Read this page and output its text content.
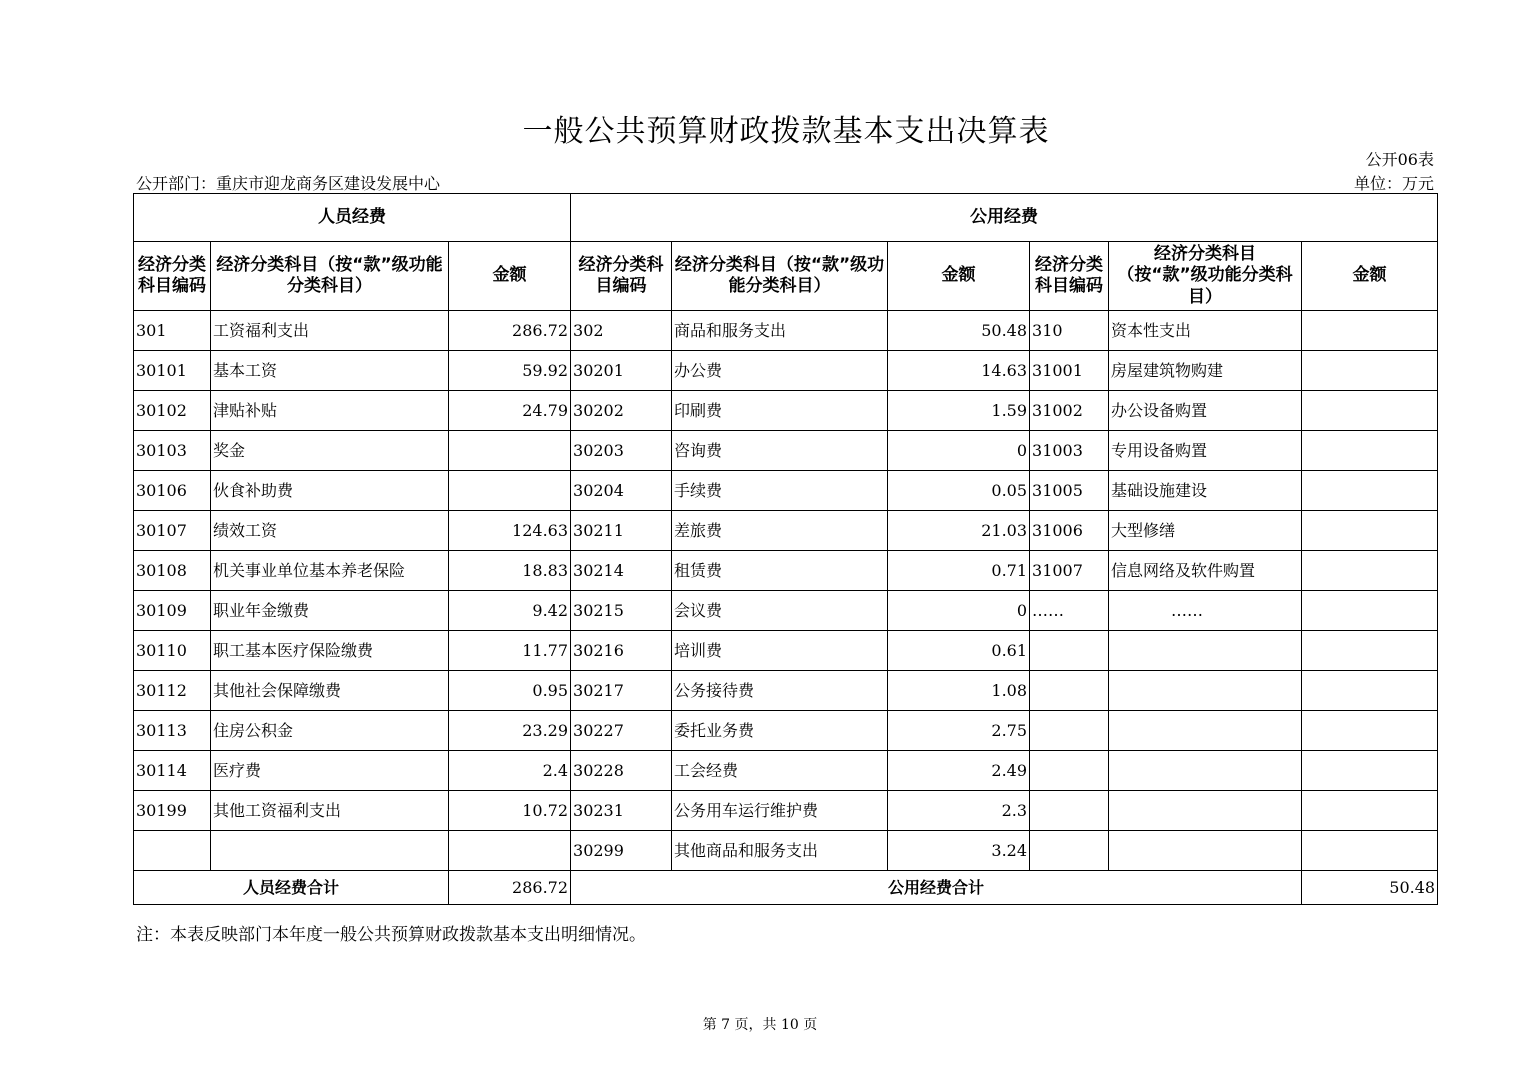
一般公共预算财政拨款基本支出决算表
公开06表
公开部门：重庆市迎龙商务区建设发展中心	单位：万元
人员经费			公用经费					
经济分类科目编码	经济分类科目（按“款”级功能分类科目）	金额	经济分类科目编码	经济分类科目（按“款”级功能分类科目）	金额	经济分类科目编码	经济分类科目（按“款”级功能分类科目）	金额
301	工资福利支出	286.72	302	商品和服务支出	50.48	310	资本性支出	
30101	基本工资	59.92	30201	办公费	14.63	31001	房屋建筑物购建	
30102	津贴补贴	24.79	30202	印刷费	1.59	31002	办公设备购置	
30103	奖金		30203	咨询费	0	31003	专用设备购置	
30106	伙食补助费		30204	手续费	0.05	31005	基础设施建设	
30107	绩效工资	124.63	30211	差旅费	21.03	31006	大型修缮	
30108	机关事业单位基本养老保险	18.83	30214	租赁费	0.71	31007	信息网络及软件购置	
30109	职业年金缴费	9.42	30215	会议费	0	……	……	
30110	职工基本医疗保险缴费	11.77	30216	培训费	0.61			
30112	其他社会保障缴费	0.95	30217	公务接待费	1.08			
30113	住房公积金	23.29	30227	委托业务费	2.75			
30114	医疗费	2.4	30228	工会经费	2.49			
30199	其他工资福利支出	10.72	30231	公务用车运行维护费	2.3			
			30299	其他商品和服务支出	3.24			
人员经费合计		286.72	公用经费合计					50.48
注：本表反映部门本年度一般公共预算财政拨款基本支出明细情况。
第 7 页，共 10 页
